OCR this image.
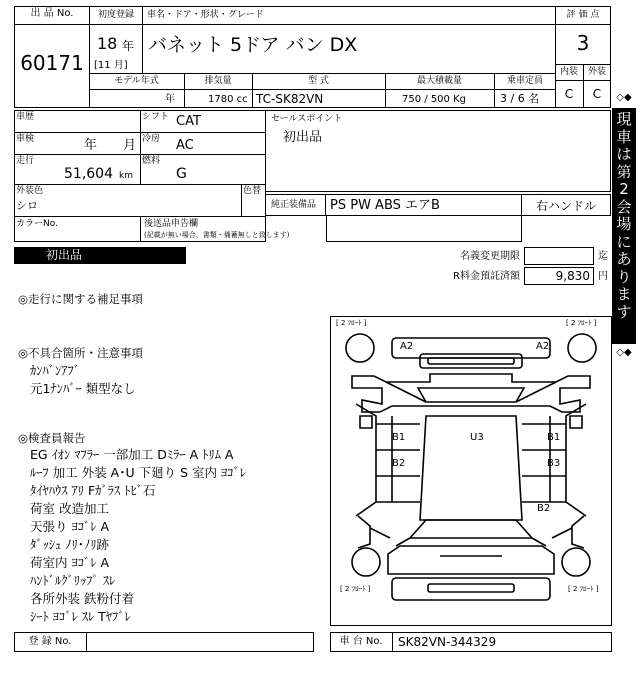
出 品 No.
60171
初度登録
18 年
[11 月]
車名・ドア・形状・グレード
バネット 5ドア バン DX
評 価 点
3
内装	外装
C	C
モデル年式	排気量	型 式	最大積載量	乗車定員
年	1780 cc TC-SK82VN	750 / 500 Kg	3 / 6 名	◇◆
現車は第2会場にあります
◇◆
車歴	シフト CAT
車検	年 月 冷房 AC
走行
51,604 km
燃料
G
外装色
シロ
色替
カラーNo.	後送品申告欄
(記載が無い場合、書類・備蓄無しと致します)
セールスポイント
初出品
純正装備品 PS PW ABS エアB	右ハンドル
初出品	名義変更期限	迄
R料金預託済額	9,830 円
◎走行に関する補足事項
◎不具合箇所・注意事項
ｶﾝﾊﾞﾝｱﾌﾞ
元1ﾅﾝﾊﾞｰ 類型なし
◎検査員報告
EG ｲｵﾝ ﾏﾌﾗｰ 一部加工 Dﾐﾗｰ A ﾄﾘﾑ A
ﾙｰﾌ 加工 外装 A･U 下廻り S 室内 ﾖｺﾞﾚ
ﾀｲﾔﾊｳｽ ｱﾘ Fｶﾞﾗｽ ﾄﾋﾞ石
荷室 改造加工
天張り ﾖｺﾞﾚ A
ﾀﾞｯｼｭ ﾉﾘ･ﾉﾘ跡
荷室内 ﾖｺﾞﾚ A
ﾊﾝﾄﾞﾙｸﾞﾘｯﾌﾟ ｽﾚ
各所外装 鉄粉付着
ｼｰﾄ ﾖｺﾞﾚ ｽﾚ Tﾔﾌﾞﾚ
[ 2 ﾌﾛｰﾄ ]	[ 2 ﾌﾛｰﾄ ]
[ 2 ﾌﾛｰﾄ ]	[ 2 ﾌﾛｰﾄ ]
A2	A2
U3
B1	B1
B2	B3
B2
登 録 No.	車 台 No.	SK82VN-344329
